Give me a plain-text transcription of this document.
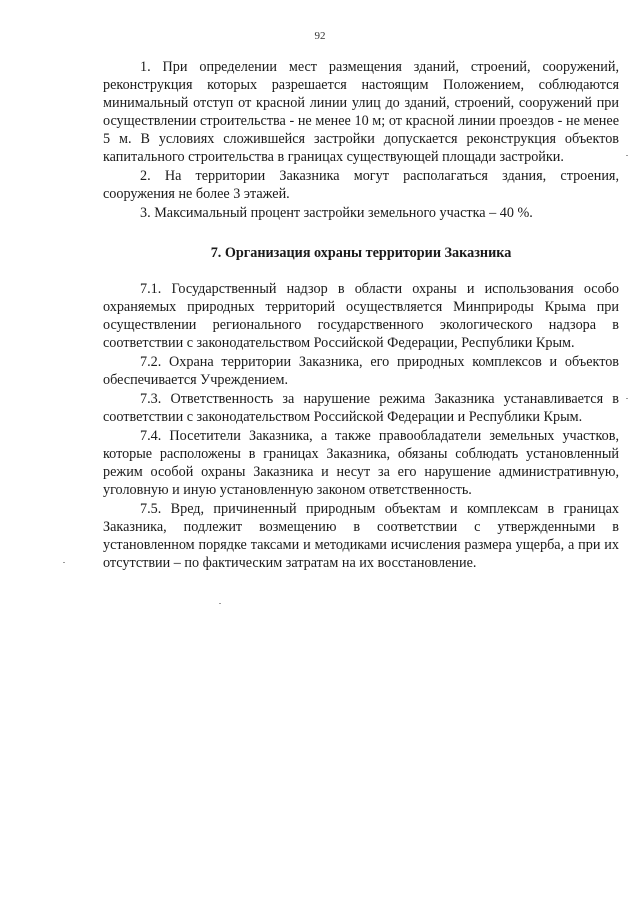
92

1. При определении мест размещения зданий, строений, сооружений, реконструкция которых разрешается настоящим Положением, соблюдаются минимальный отступ от красной линии улиц до зданий, строений, сооружений при осуществлении строительства - не менее 10 м; от красной линии проездов - не менее 5 м. В условиях сложившейся застройки допускается реконструкция объектов капитального строительства в границах существующей площади застройки.

2. На территории Заказника могут располагаться здания, строения, сооружения не более 3 этажей.

3. Максимальный процент застройки земельного участка – 40 %.

7. Организация охраны территории Заказника

7.1. Государственный надзор в области охраны и использования особо охраняемых природных территорий осуществляется Минприроды Крыма при осуществлении регионального государственного экологического надзора в соответствии с законодательством Российской Федерации, Республики Крым.

7.2. Охрана территории Заказника, его природных комплексов и объектов обеспечивается Учреждением.

7.3. Ответственность за нарушение режима Заказника устанавливается в соответствии с законодательством Российской Федерации и Республики Крым.

7.4. Посетители Заказника, а также правообладатели земельных участков, которые расположены в границах Заказника, обязаны соблюдать установленный режим особой охраны Заказника и несут за его нарушение административную, уголовную и иную установленную законом ответственность.

7.5. Вред, причиненный природным объектам и комплексам в границах Заказника, подлежит возмещению в соответствии с утвержденными в установленном порядке таксами и методиками исчисления размера ущерба, а при их отсутствии – по фактическим затратам на их восстановление.
